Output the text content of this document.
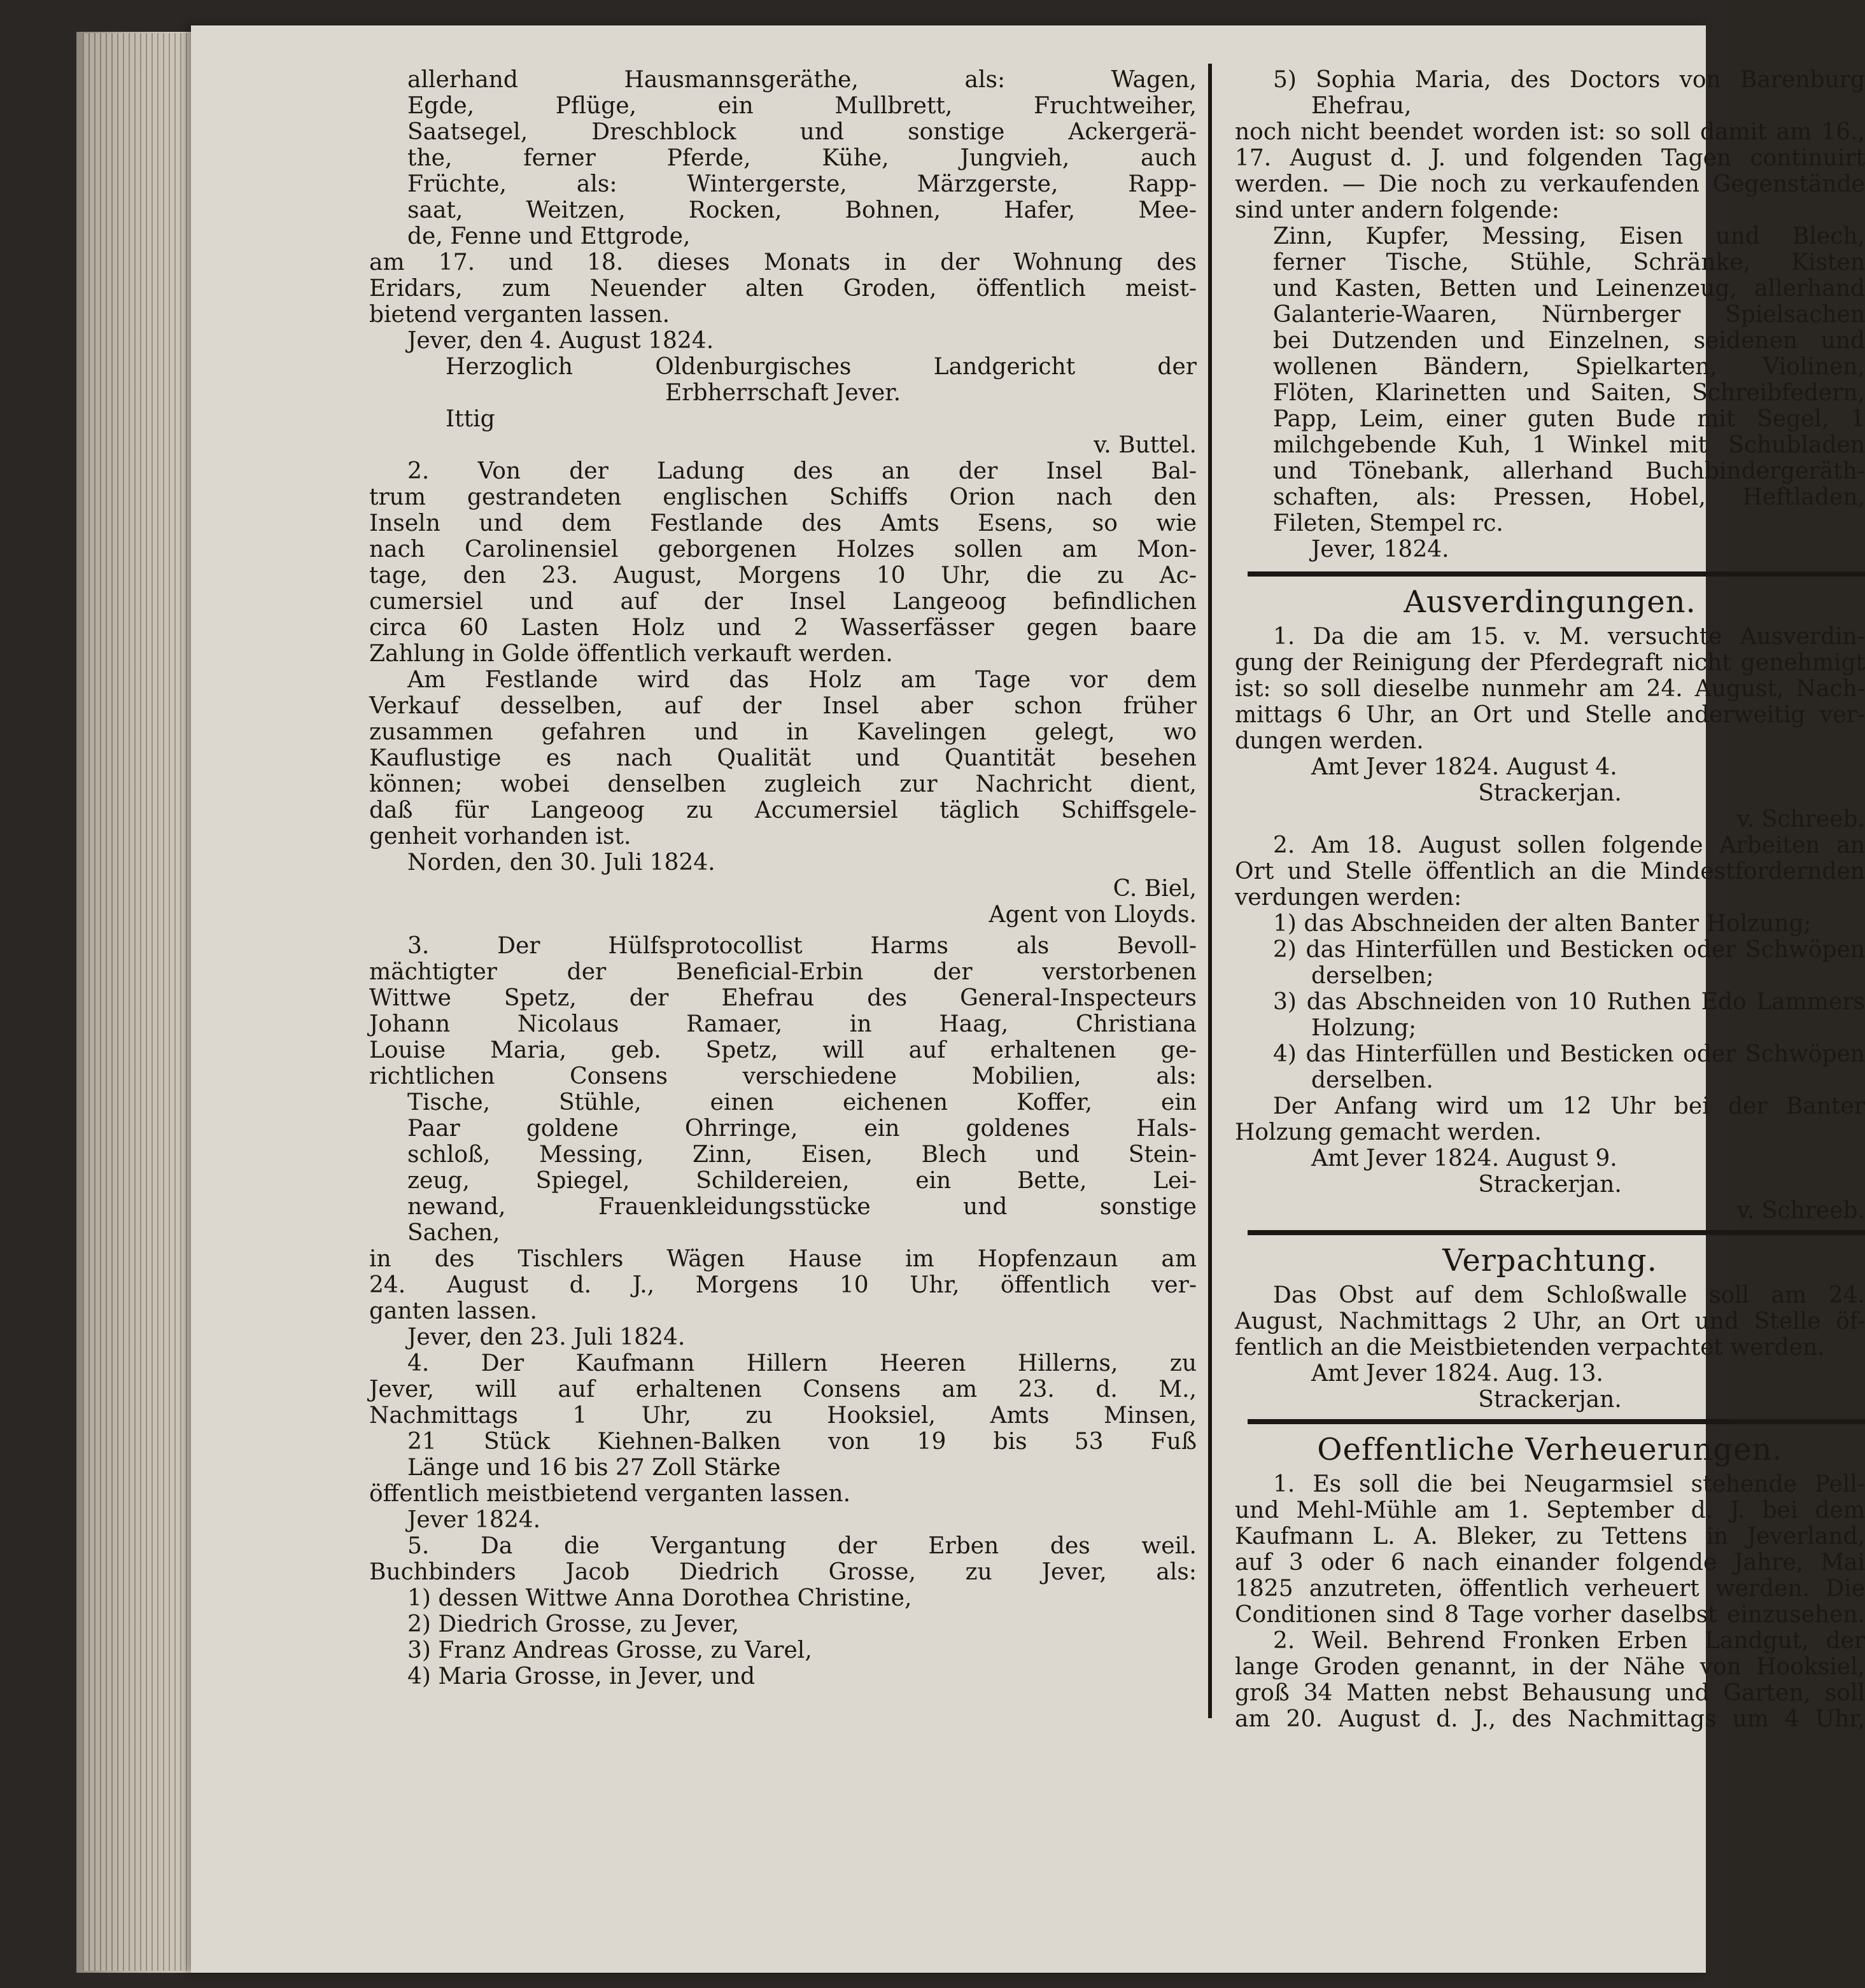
allerhand Hausmannsgeräthe, als: Wagen,
Egde, Pflüge, ein Mullbrett, Fruchtweiher,
Saatsegel, Dreschblock und sonstige Ackergerä-
the, ferner Pferde, Kühe, Jungvieh, auch
Früchte, als: Wintergerste, Märzgerste, Rapp-
saat, Weitzen, Rocken, Bohnen, Hafer, Mee-
de, Fenne und Ettgrode,
am 17. und 18. dieses Monats in der Wohnung des
Eridars, zum Neuender alten Groden, öffentlich meist-
bietend verganten lassen.
Jever, den 4. August 1824.
Herzoglich Oldenburgisches Landgericht der
Erbherrschaft Jever.
Ittig
v. Buttel.
2. Von der Ladung des an der Insel Bal-
trum gestrandeten englischen Schiffs Orion nach den
Inseln und dem Festlande des Amts Esens, so wie
nach Carolinensiel geborgenen Holzes sollen am Mon-
tage, den 23. August, Morgens 10 Uhr, die zu Ac-
cumersiel und auf der Insel Langeoog befindlichen
circa 60 Lasten Holz und 2 Wasserfässer gegen baare
Zahlung in Golde öffentlich verkauft werden.
Am Festlande wird das Holz am Tage vor dem
Verkauf desselben, auf der Insel aber schon früher
zusammen gefahren und in Kavelingen gelegt, wo
Kauflustige es nach Qualität und Quantität besehen
können; wobei denselben zugleich zur Nachricht dient,
daß für Langeoog zu Accumersiel täglich Schiffsgele-
genheit vorhanden ist.
Norden, den 30. Juli 1824.
C. Biel,
Agent von Lloyds.
3. Der Hülfsprotocollist Harms als Bevoll-
mächtigter der Beneficial-Erbin der verstorbenen
Wittwe Spetz, der Ehefrau des General-Inspecteurs
Johann Nicolaus Ramaer, in Haag, Christiana
Louise Maria, geb. Spetz, will auf erhaltenen ge-
richtlichen Consens verschiedene Mobilien, als:
Tische, Stühle, einen eichenen Koffer, ein
Paar goldene Ohrringe, ein goldenes Hals-
schloß, Messing, Zinn, Eisen, Blech und Stein-
zeug, Spiegel, Schildereien, ein Bette, Lei-
newand, Frauenkleidungsstücke und sonstige
Sachen,
in des Tischlers Wägen Hause im Hopfenzaun am
24. August d. J., Morgens 10 Uhr, öffentlich ver-
ganten lassen.
Jever, den 23. Juli 1824.
4. Der Kaufmann Hillern Heeren Hillerns, zu
Jever, will auf erhaltenen Consens am 23. d. M.,
Nachmittags 1 Uhr, zu Hooksiel, Amts Minsen,
21 Stück Kiehnen-Balken von 19 bis 53 Fuß
Länge und 16 bis 27 Zoll Stärke
öffentlich meistbietend verganten lassen.
Jever 1824.
5. Da die Vergantung der Erben des weil.
Buchbinders Jacob Diedrich Grosse, zu Jever, als:
1) dessen Wittwe Anna Dorothea Christine,
2) Diedrich Grosse, zu Jever,
3) Franz Andreas Grosse, zu Varel,
4) Maria Grosse, in Jever, und
5) Sophia Maria, des Doctors von Barenburg
Ehefrau,
noch nicht beendet worden ist: so soll damit am 16.,
17. August d. J. und folgenden Tagen continuirt
werden. — Die noch zu verkaufenden Gegenstände
sind unter andern folgende:
Zinn, Kupfer, Messing, Eisen und Blech,
ferner Tische, Stühle, Schränke, Kisten
und Kasten, Betten und Leinenzeug, allerhand
Galanterie-Waaren, Nürnberger Spielsachen
bei Dutzenden und Einzelnen, seidenen und
wollenen Bändern, Spielkarten, Violinen,
Flöten, Klarinetten und Saiten, Schreibfedern,
Papp, Leim, einer guten Bude mit Segel, 1
milchgebende Kuh, 1 Winkel mit Schubladen
und Tönebank, allerhand Buchbindergeräth-
schaften, als: Pressen, Hobel, Heftladen,
Fileten, Stempel rc.
Jever, 1824.
Ausverdingungen.
1. Da die am 15. v. M. versuchte Ausverdin-
gung der Reinigung der Pferdegraft nicht genehmigt
ist: so soll dieselbe nunmehr am 24. August, Nach-
mittags 6 Uhr, an Ort und Stelle anderweitig ver-
dungen werden.
Amt Jever 1824. August 4.
Strackerjan.
v. Schreeb.
2. Am 18. August sollen folgende Arbeiten an
Ort und Stelle öffentlich an die Mindestfordernden
verdungen werden:
1) das Abschneiden der alten Banter Holzung;
2) das Hinterfüllen und Besticken oder Schwöpen
derselben;
3) das Abschneiden von 10 Ruthen Edo Lammers
Holzung;
4) das Hinterfüllen und Besticken oder Schwöpen
derselben.
Der Anfang wird um 12 Uhr bei der Banter
Holzung gemacht werden.
Amt Jever 1824. August 9.
Strackerjan.
v. Schreeb.
Verpachtung.
Das Obst auf dem Schloßwalle soll am 24.
August, Nachmittags 2 Uhr, an Ort und Stelle öf-
fentlich an die Meistbietenden verpachtet werden.
Amt Jever 1824. Aug. 13.
Strackerjan.
Oeffentliche Verheuerungen.
1. Es soll die bei Neugarmsiel stehende Pell-
und Mehl-Mühle am 1. September d. J. bei dem
Kaufmann L. A. Bleker, zu Tettens in Jeverland,
auf 3 oder 6 nach einander folgende Jahre, Mai
1825 anzutreten, öffentlich verheuert werden. Die
Conditionen sind 8 Tage vorher daselbst einzusehen.
2. Weil. Behrend Fronken Erben Landgut, der
lange Groden genannt, in der Nähe von Hooksiel,
groß 34 Matten nebst Behausung und Garten, soll
am 20. August d. J., des Nachmittags um 4 Uhr,
